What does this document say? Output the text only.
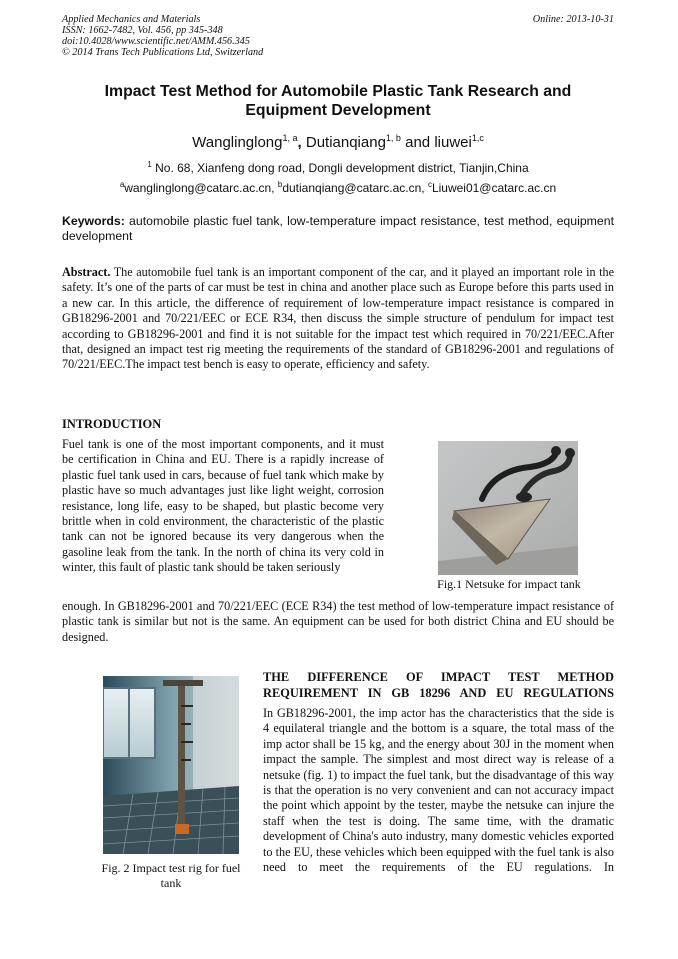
Applied Mechanics and Materials
ISSN: 1662-7482, Vol. 456, pp 345-348
doi:10.4028/www.scientific.net/AMM.456.345
© 2014 Trans Tech Publications Ltd, Switzerland
Online: 2013-10-31
Impact Test Method for Automobile Plastic Tank Research and Equipment Development
Wanglinglong$^{1, a}$, Dutianqiang$^{1, b}$ and liuwei$^{1,c}$
$^1$ No. 68, Xianfeng dong road, Dongli development district, Tianjin,China
$^a$wanglinglong@catarc.ac.cn, $^b$dutianqiang@catarc.ac.cn, $^c$Liuwei01@catarc.ac.cn
Keywords: automobile plastic fuel tank, low-temperature impact resistance, test method, equipment development
Abstract. The automobile fuel tank is an important component of the car, and it played an important role in the safety. It’s one of the parts of car must be test in china and another place such as Europe before this parts used in a new car. In this article, the difference of requirement of low-temperature impact resistance is compared in GB18296-2001 and 70/221/EEC or ECE R34, then discuss the simple structure of pendulum for impact test according to GB18296-2001 and find it is not suitable for the impact test which required in 70/221/EEC.After that, designed an impact test rig meeting the requirements of the standard of GB18296-2001 and regulations of 70/221/EEC.The impact test bench is easy to operate, efficiency and safety.
INTRODUCTION
Fuel tank is one of the most important components, and it must be certification in China and EU. There is a rapidly increase of plastic fuel tank used in cars, because of fuel tank which make by plastic have so much advantages just like light weight, corrosion resistance, long life, easy to be shaped, but plastic become very brittle when in cold environment, the characteristic of the plastic tank can not be ignored because its very dangerous when the gasoline leak from the tank. In the north of china its very cold in winter, this fault of plastic tank should be taken seriously
enough. In GB18296-2001 and 70/221/EEC (ECE R34) the test method of low-temperature impact resistance of plastic tank is similar but not is the same. An equipment can be used for both district China and EU should be designed.
Fig.1 Netsuke for impact tank
Fig. 2 Impact test rig for fuel tank
THE DIFFERENCE OF IMPACT TEST METHOD REQUIREMENT IN GB 18296 AND EU REGULATIONS
In GB18296-2001, the imp actor has the characteristics that the side is 4 equilateral triangle and the bottom is a square, the total mass of the imp actor shall be 15 kg, and the energy about 30J in the moment when impact the sample. The simplest and most direct way is release of a netsuke (fig. 1) to impact the fuel tank, but the disadvantage of this way is that the operation is no very convenient and can not accuracy impact the point which appoint by the tester, maybe the netsuke can injure the staff when the test is doing. The same time, with the dramatic development of China's auto industry, many domestic vehicles exported to the EU, these vehicles which been equipped with the fuel tank is also need to meet the requirements of the EU regulations. In
